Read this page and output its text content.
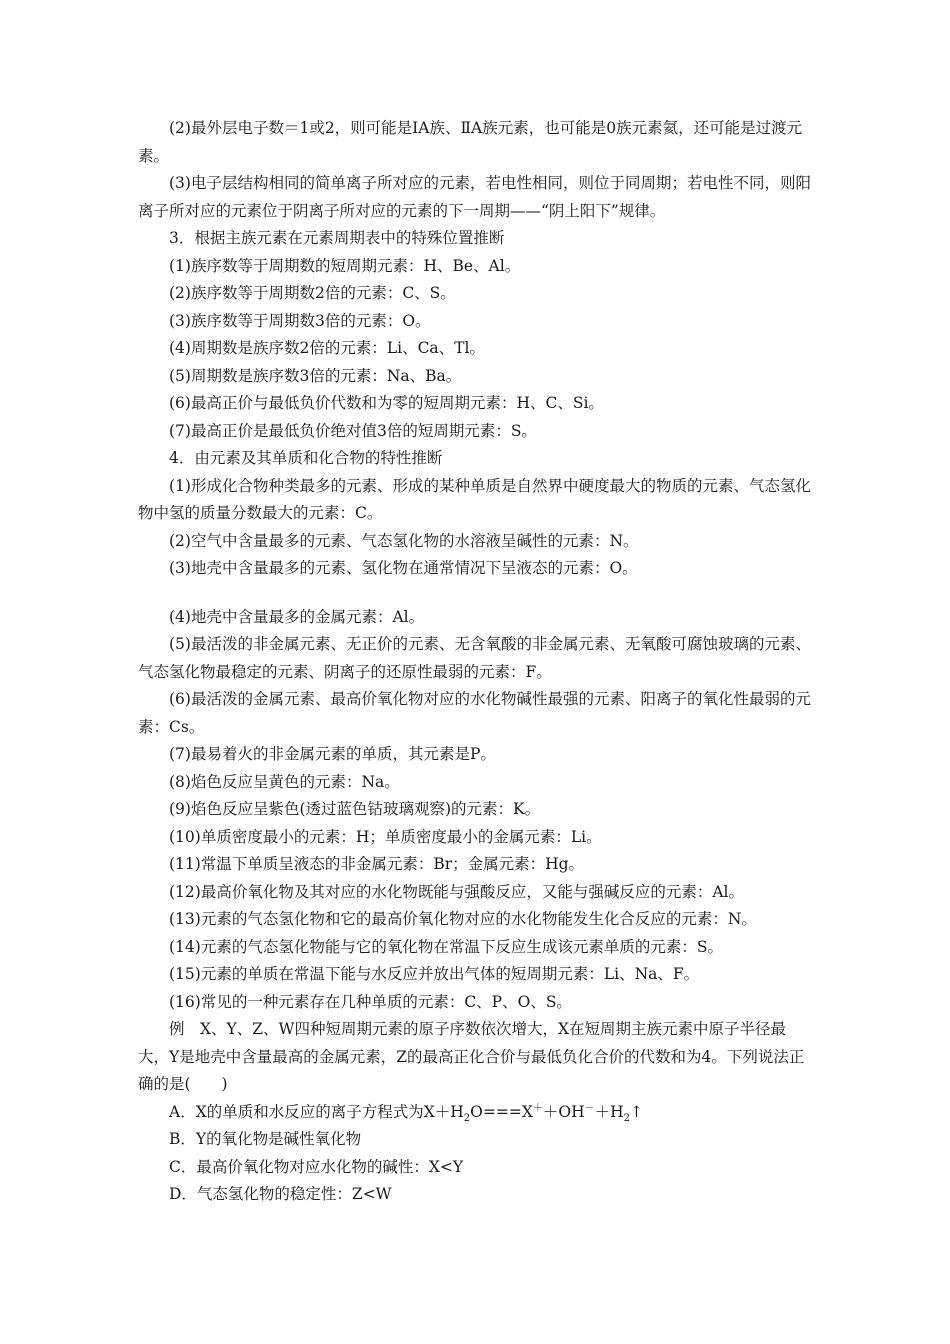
(2)最外层电子数＝1或2，则可能是ⅠA族、ⅡA族元素，也可能是0族元素氦，还可能是过渡元素。

(3)电子层结构相同的简单离子所对应的元素，若电性相同，则位于同周期；若电性不同，则阳离子所对应的元素位于阴离子所对应的元素的下一周期——“阴上阳下”规律。

3．根据主族元素在元素周期表中的特殊位置推断

(1)族序数等于周期数的短周期元素：H、Be、Al。

(2)族序数等于周期数2倍的元素：C、S。

(3)族序数等于周期数3倍的元素：O。

(4)周期数是族序数2倍的元素：Li、Ca、Tl。

(5)周期数是族序数3倍的元素：Na、Ba。

(6)最高正价与最低负价代数和为零的短周期元素：H、C、Si。

(7)最高正价是最低负价绝对值3倍的短周期元素：S。

4．由元素及其单质和化合物的特性推断

(1)形成化合物种类最多的元素、形成的某种单质是自然界中硬度最大的物质的元素、气态氢化物中氢的质量分数最大的元素：C。

(2)空气中含量最多的元素、气态氢化物的水溶液呈碱性的元素：N。

(3)地壳中含量最多的元素、氢化物在通常情况下呈液态的元素：O。

(4)地壳中含量最多的金属元素：Al。

(5)最活泼的非金属元素、无正价的元素、无含氧酸的非金属元素、无氧酸可腐蚀玻璃的元素、气态氢化物最稳定的元素、阴离子的还原性最弱的元素：F。

(6)最活泼的金属元素、最高价氧化物对应的水化物碱性最强的元素、阳离子的氧化性最弱的元素：Cs。

(7)最易着火的非金属元素的单质，其元素是P。

(8)焰色反应呈黄色的元素：Na。

(9)焰色反应呈紫色(透过蓝色钴玻璃观察)的元素：K。

(10)单质密度最小的元素：H；单质密度最小的金属元素：Li。

(11)常温下单质呈液态的非金属元素：Br；金属元素：Hg。

(12)最高价氧化物及其对应的水化物既能与强酸反应，又能与强碱反应的元素：Al。

(13)元素的气态氢化物和它的最高价氧化物对应的水化物能发生化合反应的元素：N。

(14)元素的气态氢化物能与它的氧化物在常温下反应生成该元素单质的元素：S。

(15)元素的单质在常温下能与水反应并放出气体的短周期元素：Li、Na、F。

(16)常见的一种元素存在几种单质的元素：C、P、O、S。

例　X、Y、Z、W四种短周期元素的原子序数依次增大，X在短周期主族元素中原子半径最大，Y是地壳中含量最高的金属元素，Z的最高正化合价与最低负化合价的代数和为4。下列说法正确的是(　　)

A．X的单质和水反应的离子方程式为$X+H_2O===X^++OH^-+H_2↑$

B．Y的氧化物是碱性氧化物

C．最高价氧化物对应水化物的碱性：X<Y

D．气态氢化物的稳定性：Z<W
